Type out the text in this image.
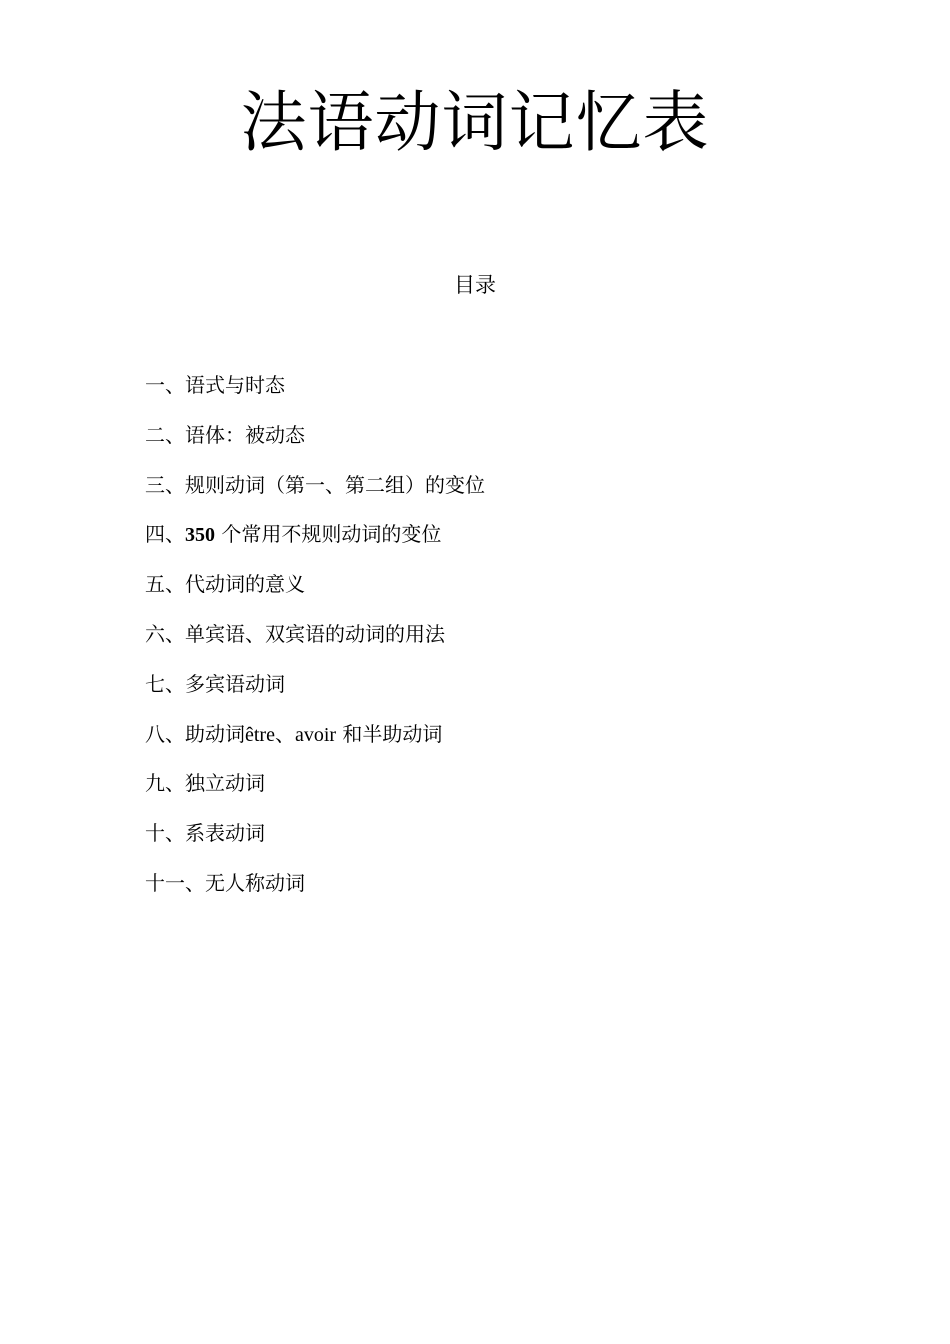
法语动词记忆表
目录
一、语式与时态
二、语体：被动态
三、规则动词（第一、第二组）的变位
四、350 个常用不规则动词的变位
五、代动词的意义
六、单宾语、双宾语的动词的用法
七、多宾语动词
八、助动词être、avoir 和半助动词
九、独立动词
十、系表动词
十一、无人称动词
